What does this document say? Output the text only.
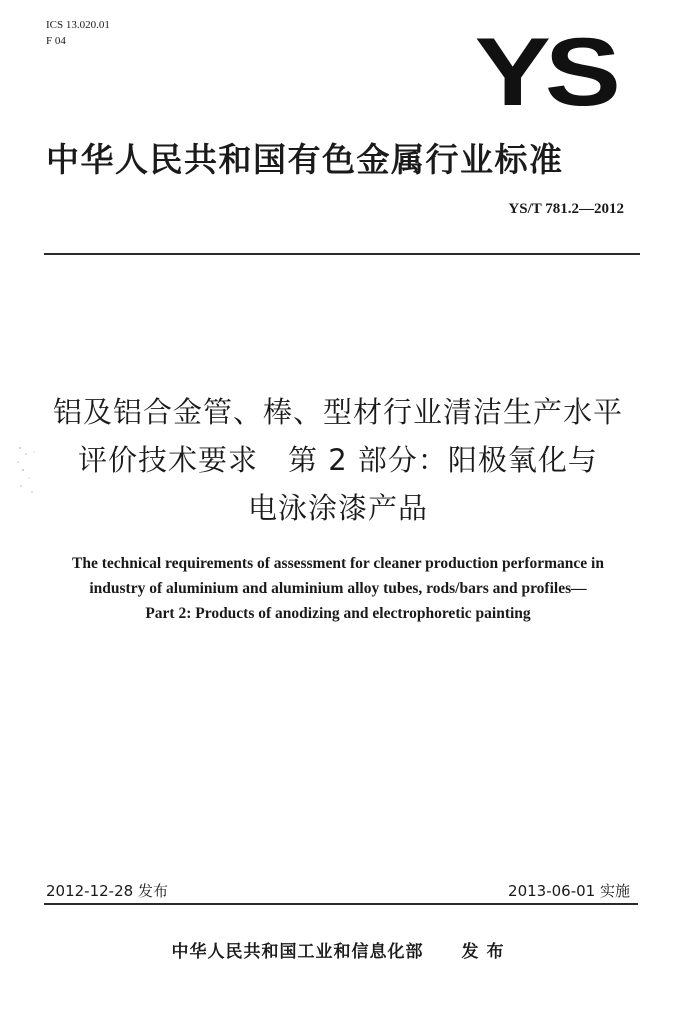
ICS 13.020.01
F 04	YS
中华人民共和国有色金属行业标准
YS/T 781.2—2012
铝及铝合金管、棒、型材行业清洁生产水平
评价技术要求　第 2 部分：阳极氧化与
电泳涂漆产品
The technical requirements of assessment for cleaner production performance in
industry of aluminium and aluminium alloy tubes, rods/bars and profiles—
Part 2: Products of anodizing and electrophoretic painting
2012-12-28 发布	2013-06-01 实施
中华人民共和国工业和信息化部 发 布
